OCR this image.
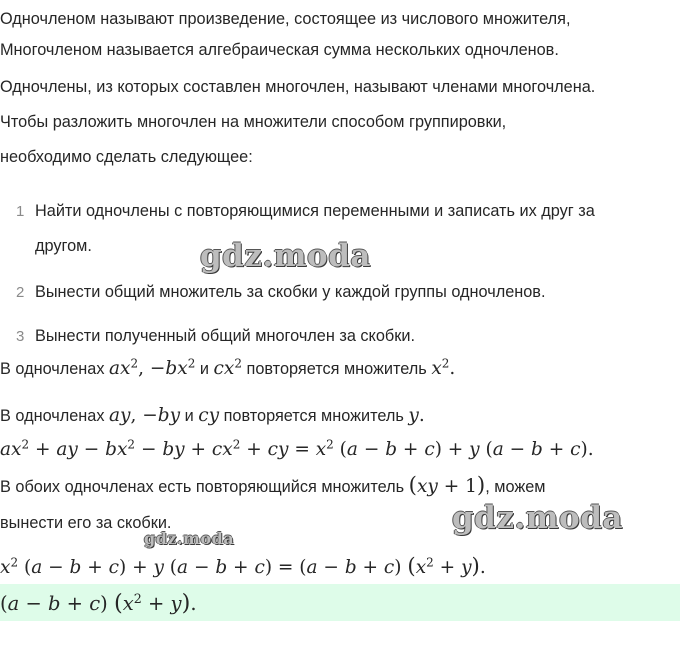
Одночленом называют произведение, состоящее из числового множителя,
Многочленом называется алгебраическая сумма нескольких одночленов.
Одночлены, из которых составлен многочлен, называют членами многочлена.
Чтобы разложить многочлен на множители способом группировки,
необходимо сделать следующее:
1 Найти одночлены с повторяющимися переменными и записать их друг за
другом.
2 Вынести общий множитель за скобки у каждой группы одночленов.
3 Вынести полученный общий многочлен за скобки.
В одночленах $ax^2$, $-bx^2$ и $cx^2$ повторяется множитель $x^2$.
В одночленах ay, −by и cy повторяется множитель y.
$ax^2$ + ay − $bx^2$ − by + $cx^2$ + cy = $x^2$ (a − b + c) + y (a − b + c).
В обоих одночленах есть повторяющийся множитель (xy + 1), можем
вынести его за скобки.
$x^2$ (a − b + c) + y (a − b + c) = (a − b + c) $(x^2 + y)$.
(a − b + c) $(x^2 + y)$.
gdz.moda
gdz.moda
gdz.moda
